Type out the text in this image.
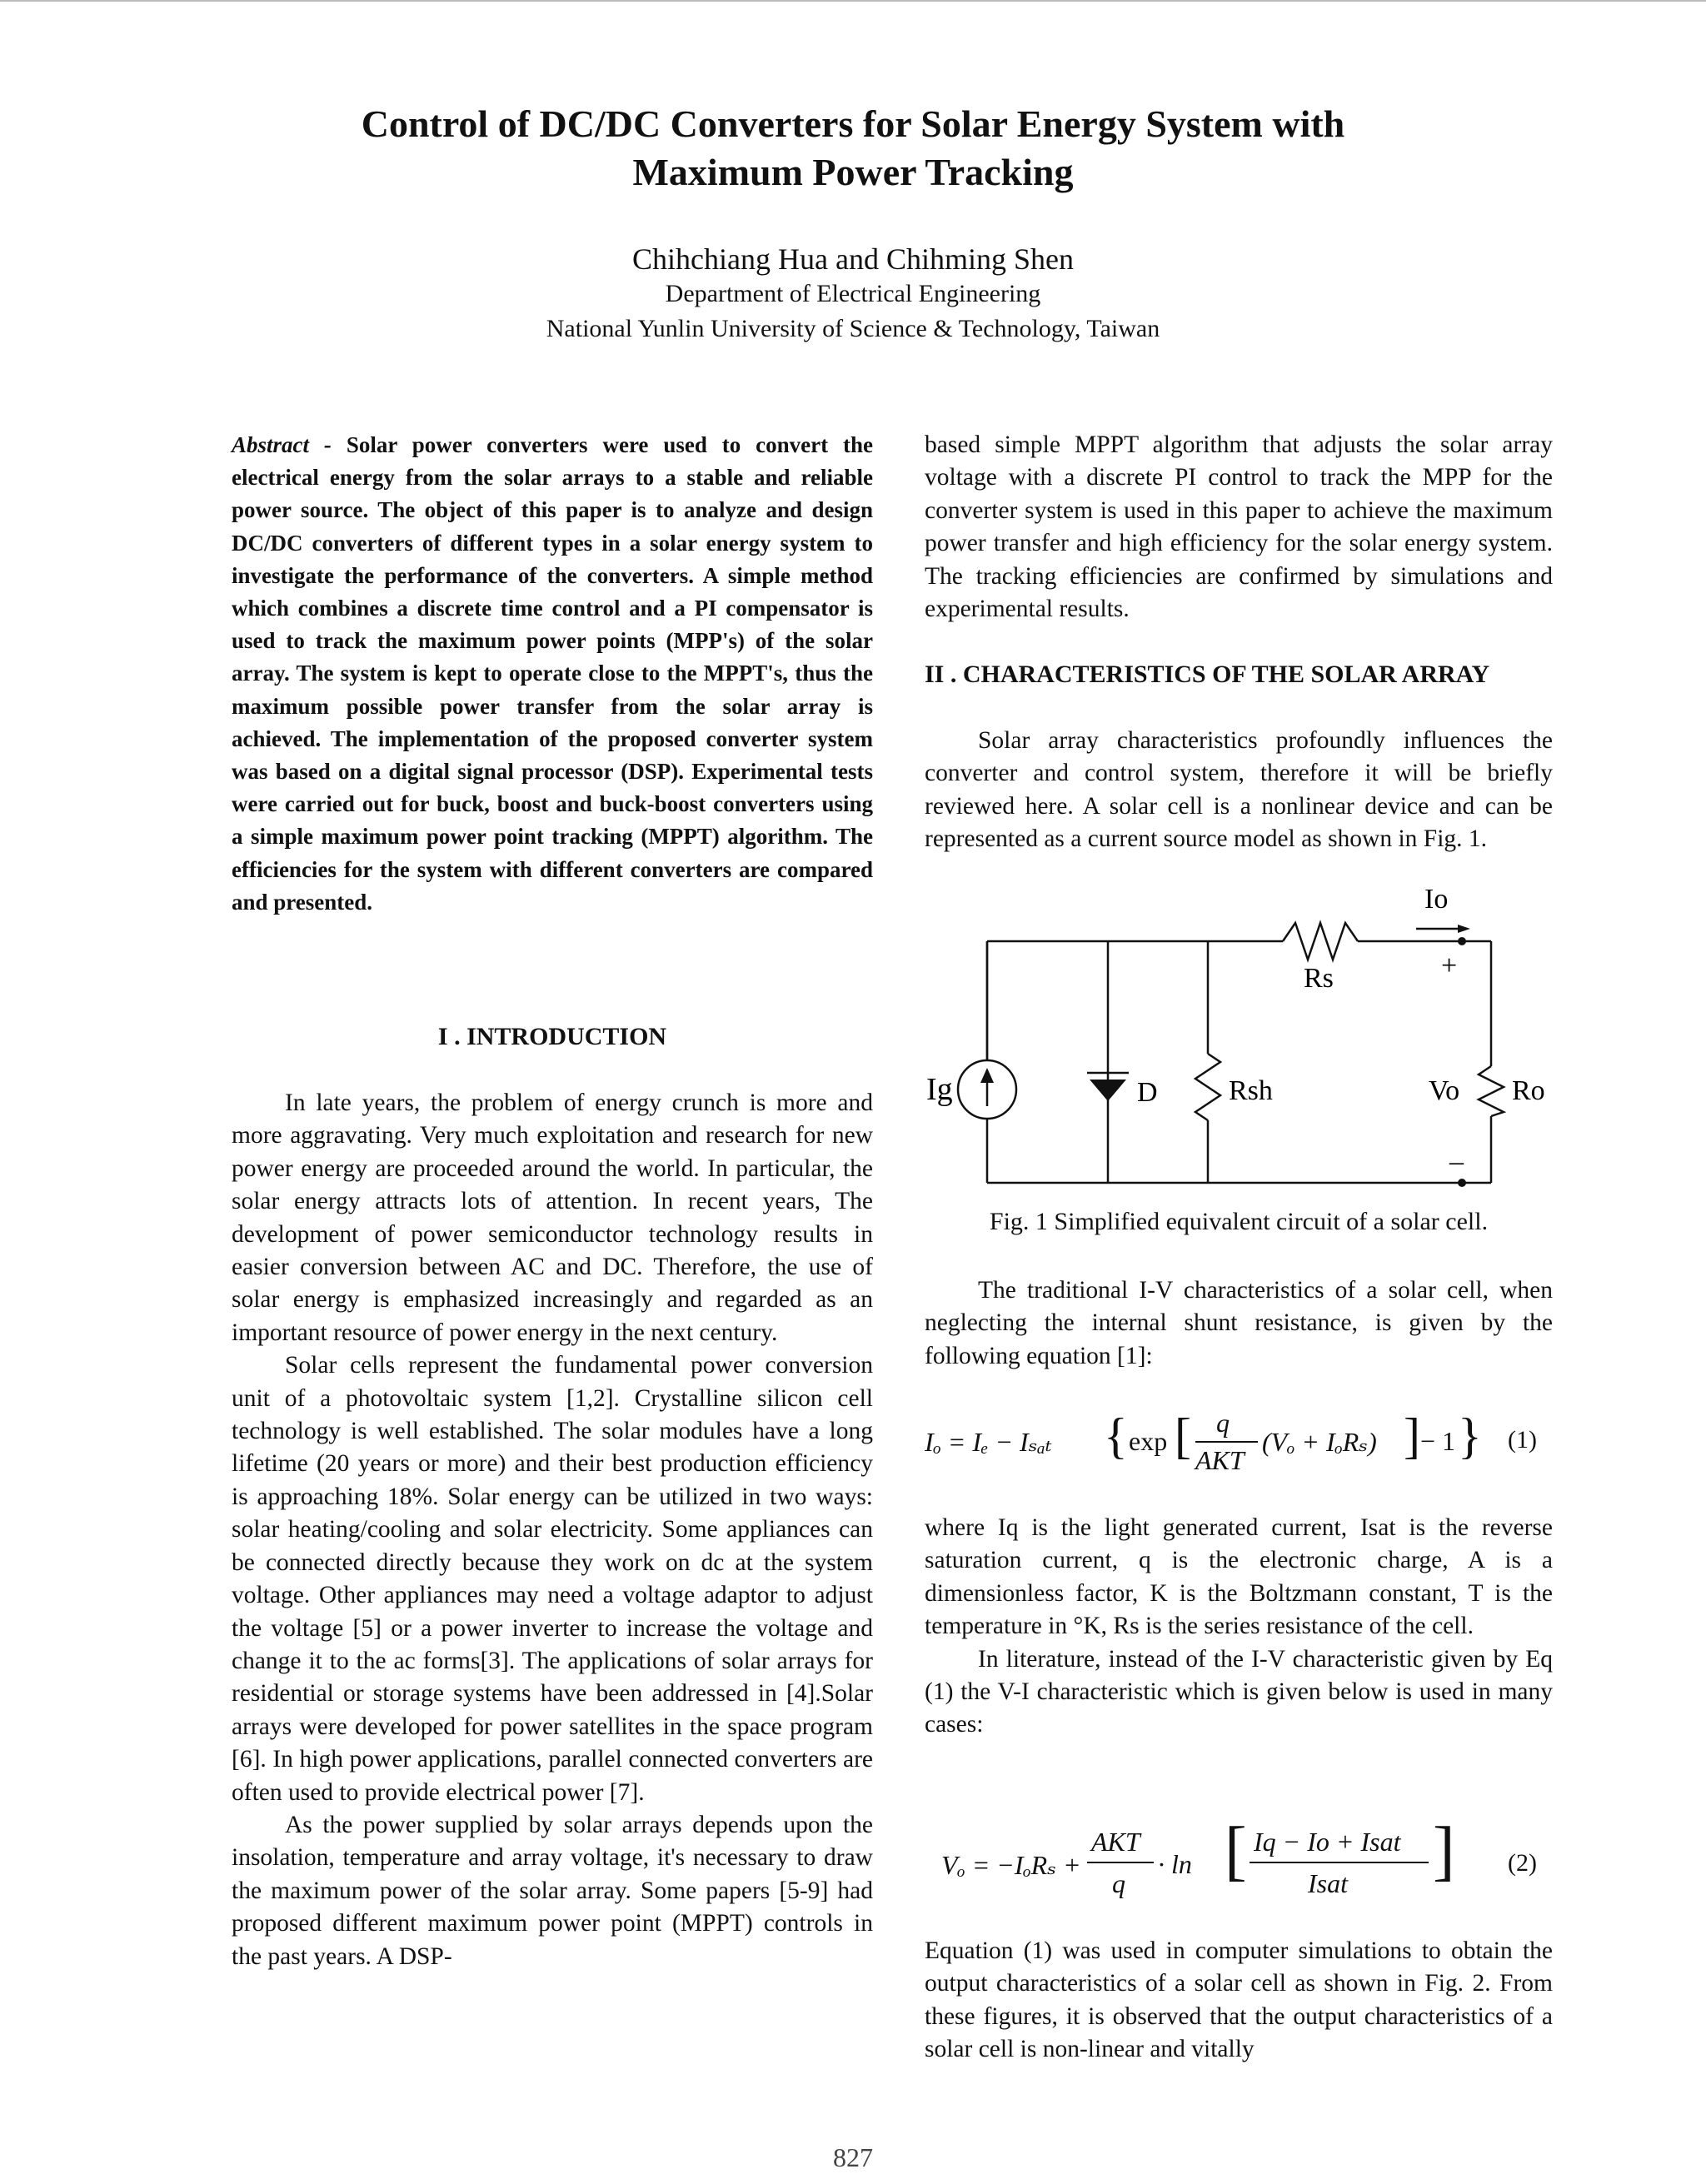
Control of DC/DC Converters for Solar Energy System with
Maximum Power Tracking
Chihchiang Hua and Chihming Shen
Department of Electrical Engineering
National Yunlin University of Science & Technology, Taiwan

Abstract - Solar power converters were used to convert the electrical energy from the solar arrays to a stable and reliable power source. The object of this paper is to analyze and design DC/DC converters of different types in a solar energy system to investigate the performance of the converters. A simple method which combines a discrete time control and a PI compensator is used to track the maximum power points (MPP's) of the solar array. The system is kept to operate close to the MPPT's, thus the maximum possible power transfer from the solar array is achieved. The implementation of the proposed converter system was based on a digital signal processor (DSP). Experimental tests were carried out for buck, boost and buck-boost converters using a simple maximum power point tracking (MPPT) algorithm. The efficiencies for the system with different converters are compared and presented.

I . INTRODUCTION

In late years, the problem of energy crunch is more and more aggravating. Very much exploitation and research for new power energy are proceeded around the world. In particular, the solar energy attracts lots of attention. In recent years, The development of power semiconductor technology results in easier conversion between AC and DC. Therefore, the use of solar energy is emphasized increasingly and regarded as an important resource of power energy in the next century.

Solar cells represent the fundamental power conversion unit of a photovoltaic system [1,2]. Crystalline silicon cell technology is well established. The solar modules have a long lifetime (20 years or more) and their best production efficiency is approaching 18%. Solar energy can be utilized in two ways: solar heating/cooling and solar electricity. Some appliances can be connected directly because they work on dc at the system voltage. Other appliances may need a voltage adaptor to adjust the voltage [5] or a power inverter to increase the voltage and change it to the ac forms[3]. The applications of solar arrays for residential or storage systems have been addressed in [4].Solar arrays were developed for power satellites in the space program [6]. In high power applications, parallel connected converters are often used to provide electrical power [7].

As the power supplied by solar arrays depends upon the insolation, temperature and array voltage, it's necessary to draw the maximum power of the solar array. Some papers [5-9] had proposed different maximum power point (MPPT) controls in the past years. A DSP-

based simple MPPT algorithm that adjusts the solar array voltage with a discrete PI control to track the MPP for the converter system is used in this paper to achieve the maximum power transfer and high efficiency for the solar energy system. The tracking efficiencies are confirmed by simulations and experimental results.

II . CHARACTERISTICS OF THE SOLAR ARRAY

Solar array characteristics profoundly influences the converter and control system, therefore it will be briefly reviewed here. A solar cell is a nonlinear device and can be represented as a current source model as shown in Fig. 1.

Io
Rs	+
Ig	D	Rsh	Vo Ro
–
Fig. 1 Simplified equivalent circuit of a solar cell.

The traditional I-V characteristics of a solar cell, when neglecting the internal shunt resistance, is given by the following equation [1]:

Iₒ = Iₑ − Iₛₐₜ { exp [ q
AKT
(Vₒ + IₒRₛ) ] − 1 } (1)

where Iq is the light generated current, Isat is the reverse saturation current, q is the electronic charge, A is a dimensionless factor, K is the Boltzmann constant, T is the temperature in °K, Rs is the series resistance of the cell.

In literature, instead of the I-V characteristic given by Eq (1) the V-I characteristic which is given below is used in many cases:

Vₒ = −IₒRₛ +
AKT
q
· ln [ Iq − Io + Isat
Isat ] (2)

Equation (1) was used in computer simulations to obtain the output characteristics of a solar cell as shown in Fig. 2. From these figures, it is observed that the output characteristics of a solar cell is non-linear and vitally

827
